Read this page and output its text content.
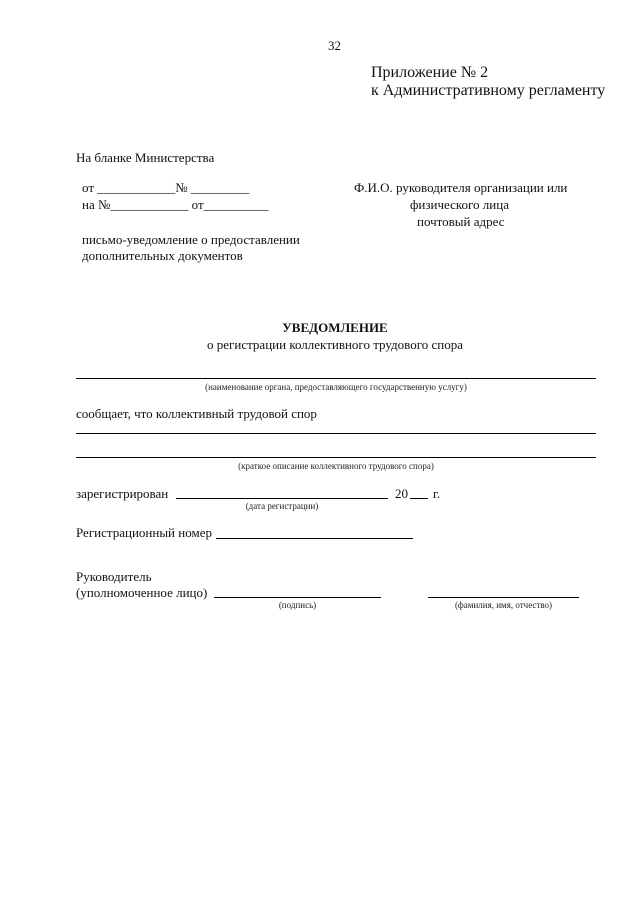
32
Приложение № 2
к Административному регламенту
На бланке Министерства
от ____________№ _________
на №____________ от__________
Ф.И.О. руководителя организации или
физического лица
почтовый адрес
письмо-уведомление о предоставлении
дополнительных документов
УВЕДОМЛЕНИЕ
о регистрации коллективного трудового спора
(наименование органа, предоставляющего государственную услугу)
сообщает, что коллективный трудовой спор
(краткое описание коллективного трудового спора)
зарегистрирован	20 г.
(дата регистрации)
Регистрационный номер
Руководитель
(уполномоченное лицо)
(подпись)	(фамилия, имя, отчество)
